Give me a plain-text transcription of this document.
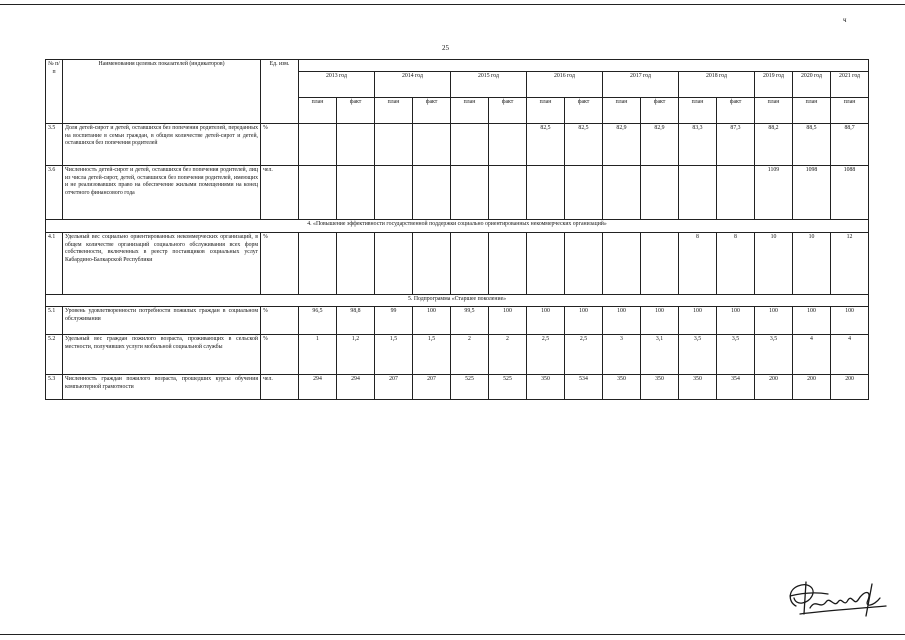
ч
25
№ п/п	Наименования целевых показателей (индикаторов)	Ед. изм.															
			2013 год		2014 год		2015 год		2016 год		2017 год		2018 год		2019 год	2020 год	2021 год
			план	факт	план	факт	план	факт	план	факт	план	факт	план	факт	план	план	план
3.5	Доля детей-сирот и детей, оставшихся без попечения родителей, переданных на воспитание в семьи граждан, в общем количестве детей-сирот и детей, оставшихся без попечения родителей	%							82,5	82,5	82,9	82,9	83,3	87,3	88,2	88,5	88,7
3.6	Численность детей-сирот и детей, оставшихся без попечения родителей, лиц из числа детей-сирот, детей, оставшихся без попечения родителей, имеющих и не реализовавших право на обеспечение жилыми помещениями на конец отчетного финансового года	чел.													1109	1098	1088
4. «Повышение эффективности государственной поддержки социально ориентированных некоммерческих организаций»																	
4.1	Удельный вес социально ориентированных некоммерческих организаций, в общем количестве организаций социального обслуживания всех форм собственности, включенных в реестр поставщиков социальных услуг Кабардино-Балкарской Республики	%											8	8	10	10	12
5. Подпрограмма «Старшее поколение»																	
5.1	Уровень удовлетворенности потребности пожилых граждан в социальном обслуживании	%	96,5	98,8	99	100	99,5	100	100	100	100	100	100	100	100	100	100
5.2	Удельный вес граждан пожилого возраста, проживающих в сельской местности, получивших услуги мобильной социальной службы	%	1	1,2	1,5	1,5	2	2	2,5	2,5	3	3,1	3,5	3,5	3,5	4	4
5.3	Численность граждан пожилого возраста, прошедших курсы обучения компьютерной грамотности	чел.	294	294	207	207	525	525	350	534	350	350	350	354	200	200	200
